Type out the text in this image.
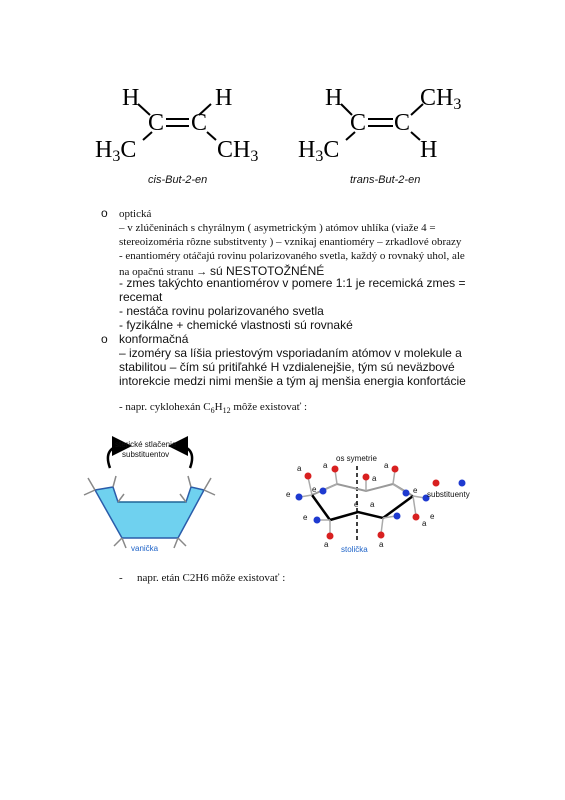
H	H
C C
$H_3C$	$CH_3$
cis-But-2-en
H	$CH_3$
C C
$H_3C$	H
trans-But-2-en
o optická
– v zlúčeninách s chyrálnym ( asymetrickým ) atómov uhlíka (viaže 4 =
stereoizoméria rôzne substitventy ) – vznikaj enantioméry – zrkadlové obrazy
- enantioméry otáčajú rovinu polarizovaného svetla, každý o rovnaký uhol, ale
na opačnú stranu → sú NESTOTOŽNÉNÉ
- zmes takýchto enantiomérov v pomere 1:1 je recemická zmes =
recemat
- nestáča rovinu polarizovaného svetla
- fyzikálne + chemické vlastnosti sú rovnaké
o konformačná
– izoméry sa líšia priestovým vsporiadaním atómov v molekule a
stabilitou – čím sú pritiľahké H vzdialenejšie, tým sú neväzbové
intorekcie medzi nimi menšie a tým aj menšia energia konfortácie
- napr. cyklohexán $C_6H_{12}$ môže existovať :
sterické stlačenie
substituentov
vanička
os symetrie
substituenty
stolička
a	a
a
a
a
a	a
a
e
e
e
e
e	e
- napr. etán C2H6 môže existovať :
